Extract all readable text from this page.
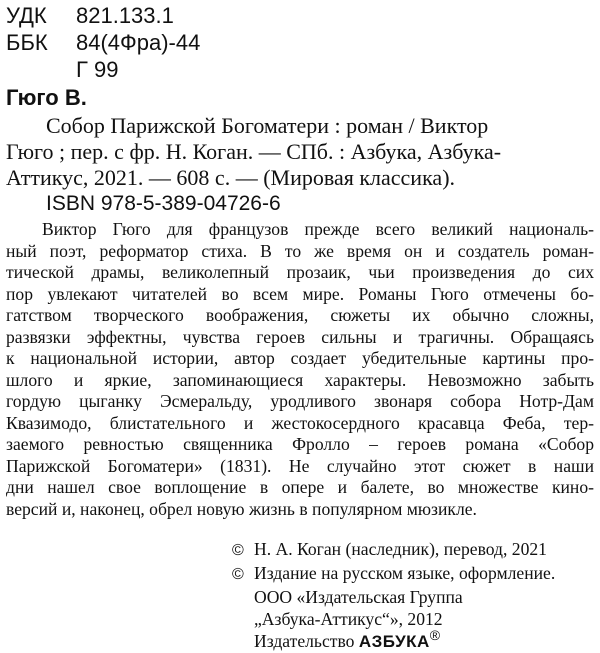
УДК 821.133.1
ББК 84(4Фра)-44
Г 99
Гюго В.
Собор Парижской Богоматери : роман / Виктор
Гюго ; пер. с фр. Н. Коган. — СПб. : Азбука, Азбука-
Аттикус, 2021. — 608 с. — (Мировая классика).
ISBN 978-5-389-04726-6
Виктор Гюго для французов прежде всего великий националь-
ный поэт, реформатор стиха. В то же время он и создатель роман-
тической драмы, великолепный прозаик, чьи произведения до сих
пор увлекают читателей во всем мире. Романы Гюго отмечены бо-
гатством творческого воображения, сюжеты их обычно сложны,
развязки эффектны, чувства героев сильны и трагичны. Обращаясь
к национальной истории, автор создает убедительные картины про-
шлого и яркие, запоминающиеся характеры. Невозможно забыть
гордую цыганку Эсмеральду, уродливого звонаря собора Нотр-Дам
Квазимодо, блистательного и жестокосердного красавца Феба, тер-
заемого ревностью священника Фролло – героев романа «Собор
Парижской Богоматери» (1831). Не случайно этот сюжет в наши
дни нашел свое воплощение в опере и балете, во множестве кино-
версий и, наконец, обрел новую жизнь в популярном мюзикле.
© Н. А. Коган (наследник), перевод, 2021
© Издание на русском языке, оформление.
ООО «Издательская Группа
„Азбука-Аттикус“», 2012
Издательство АЗБУКА®
